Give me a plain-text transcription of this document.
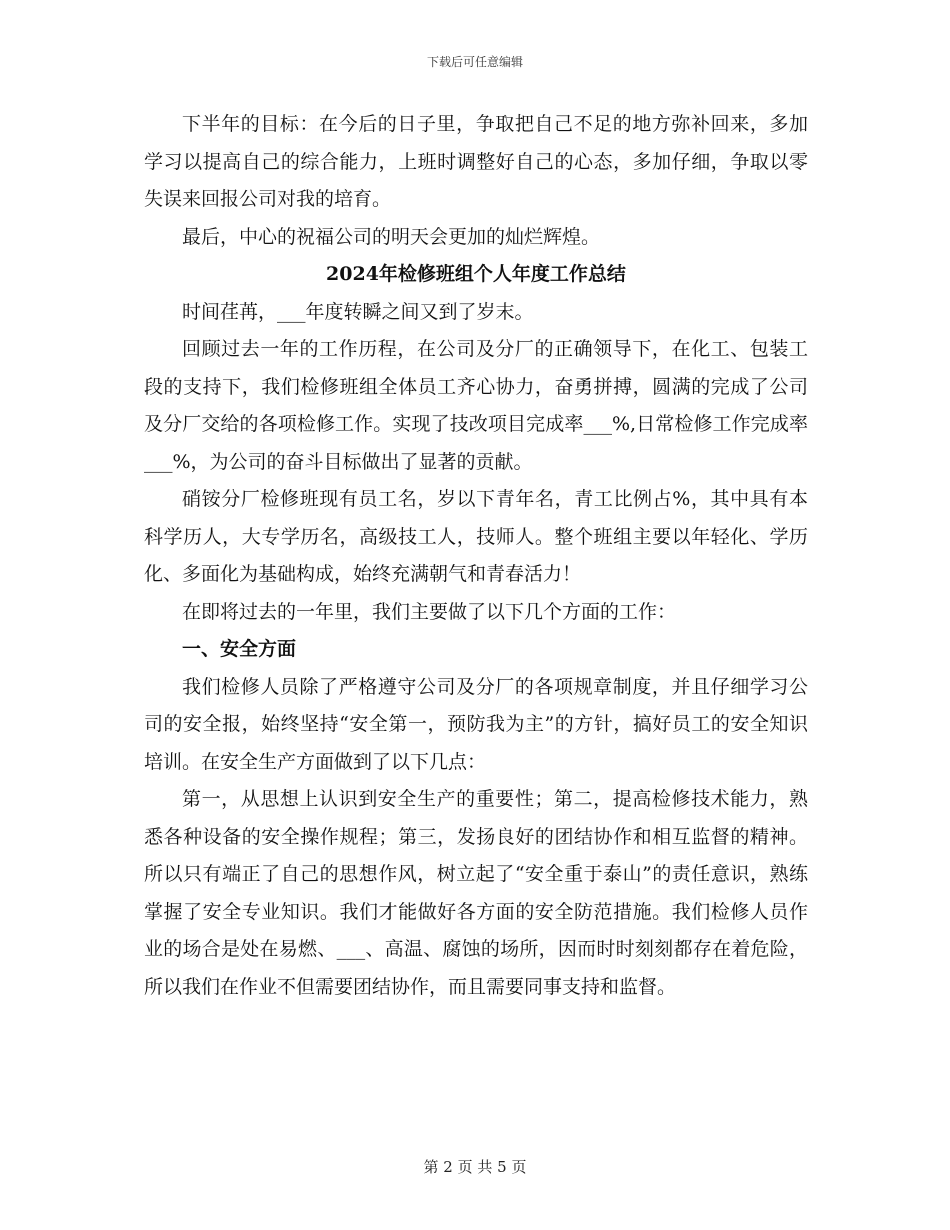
下载后可任意编辑

下半年的目标：在今后的日子里，争取把自己不足的地方弥补回来，多加学习以提高自己的综合能力，上班时调整好自己的心态，多加仔细，争取以零失误来回报公司对我的培育。

最后，中心的祝福公司的明天会更加的灿烂辉煌。

2024年检修班组个人年度工作总结

时间荏苒，___年度转瞬之间又到了岁末。

回顾过去一年的工作历程，在公司及分厂的正确领导下，在化工、包装工段的支持下，我们检修班组全体员工齐心协力，奋勇拼搏，圆满的完成了公司及分厂交给的各项检修工作。实现了技改项目完成率___%,日常检修工作完成率___%，为公司的奋斗目标做出了显著的贡献。

硝铵分厂检修班现有员工名，岁以下青年名，青工比例占%，其中具有本科学历人，大专学历名，高级技工人，技师人。整个班组主要以年轻化、学历化、多面化为基础构成，始终充满朝气和青春活力！

在即将过去的一年里，我们主要做了以下几个方面的工作：

一、安全方面

我们检修人员除了严格遵守公司及分厂的各项规章制度，并且仔细学习公司的安全报，始终坚持“安全第一，预防我为主”的方针，搞好员工的安全知识培训。在安全生产方面做到了以下几点：

第一，从思想上认识到安全生产的重要性；第二，提高检修技术能力，熟悉各种设备的安全操作规程；第三，发扬良好的团结协作和相互监督的精神。所以只有端正了自己的思想作风，树立起了“安全重于泰山”的责任意识，熟练掌握了安全专业知识。我们才能做好各方面的安全防范措施。我们检修人员作业的场合是处在易燃、___、高温、腐蚀的场所，因而时时刻刻都存在着危险，所以我们在作业不但需要团结协作，而且需要同事支持和监督。

第 2 页 共 5 页
